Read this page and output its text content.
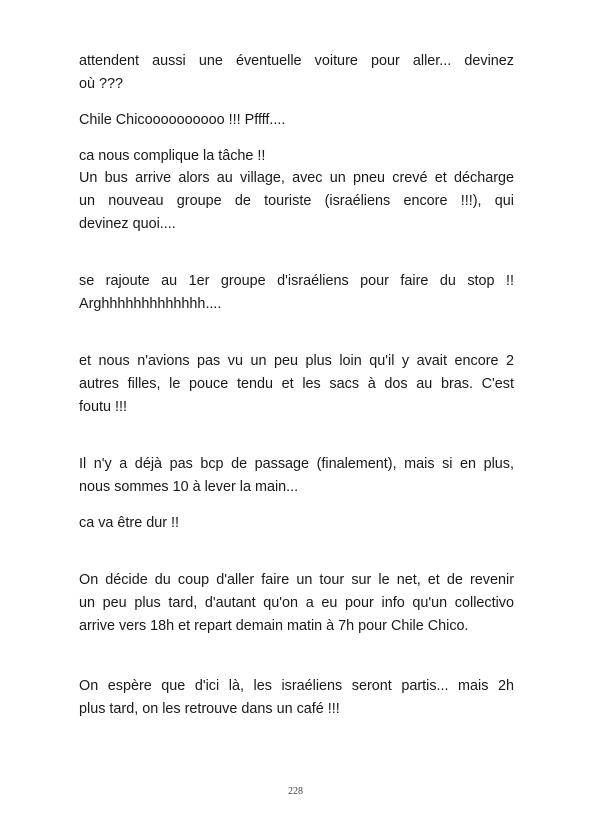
attendent aussi une éventuelle voiture pour aller... devinez
où ???
Chile Chicoooooooooo !!! Pffff....
ca nous complique la tâche !!
Un bus arrive alors au village, avec un pneu crevé et décharge
un nouveau groupe de touriste (israéliens encore !!!), qui
devinez quoi....
se rajoute au 1er groupe d'israéliens pour faire du stop !!
Arghhhhhhhhhhhhh....
et nous n'avions pas vu un peu plus loin qu'il y avait encore 2
autres filles, le pouce tendu et les sacs à dos au bras. C'est
foutu !!!
Il n'y a déjà pas bcp de passage (finalement), mais si en plus,
nous sommes 10 à lever la main...
ca va être dur !!
On décide du coup d'aller faire un tour sur le net, et de revenir
un peu plus tard, d'autant qu'on a eu pour info qu'un collectivo
arrive vers 18h et repart demain matin à 7h pour Chile Chico.
On espère que d'ici là, les israéliens seront partis... mais 2h
plus tard, on les retrouve dans un café !!!
228
